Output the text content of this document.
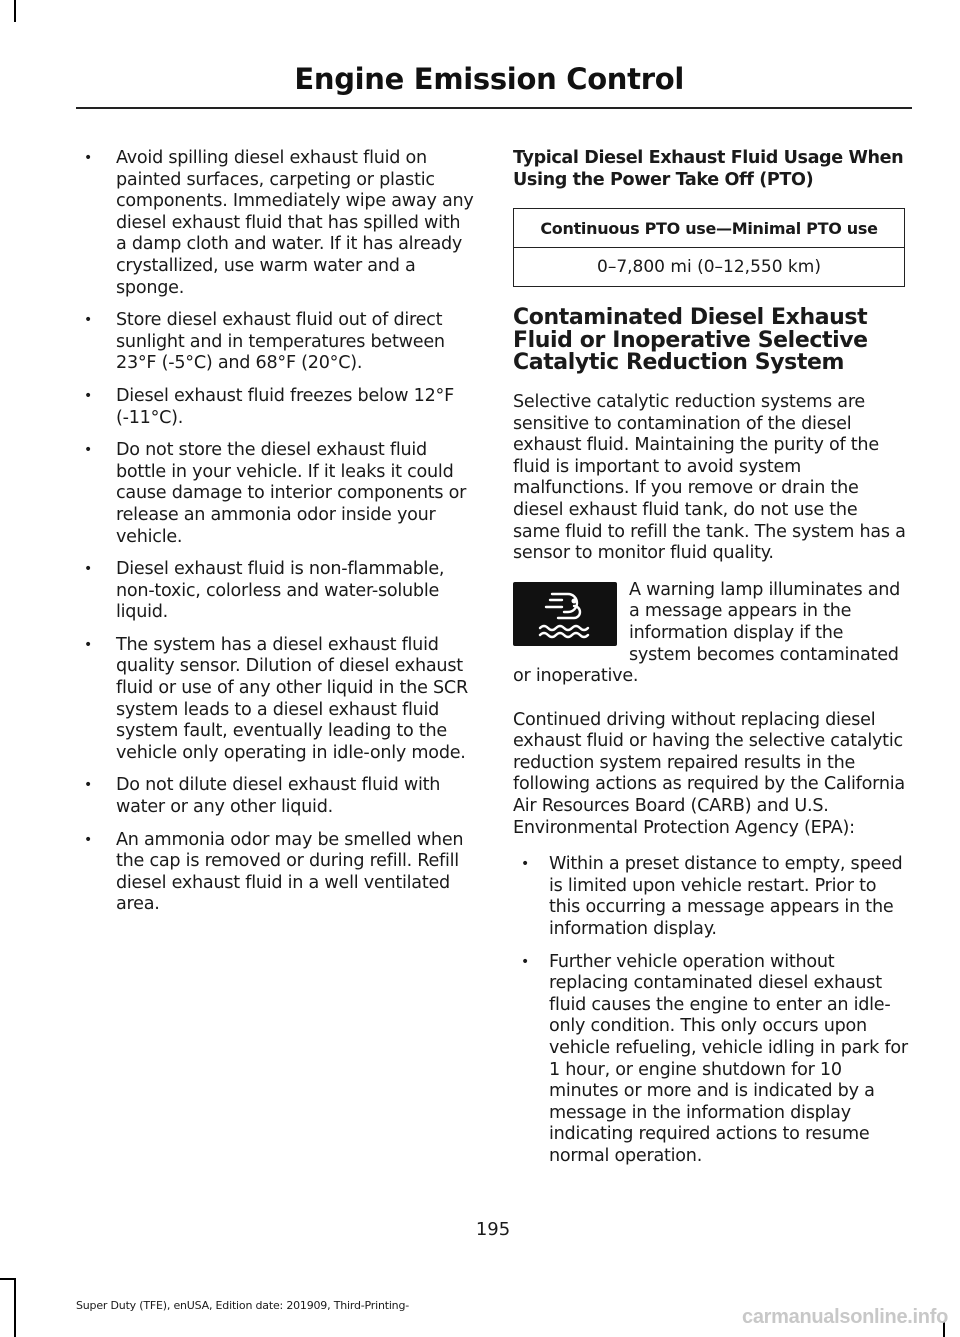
Engine Emission Control
• Avoid spilling diesel exhaust fluid on painted surfaces, carpeting or plastic components. Immediately wipe away any diesel exhaust fluid that has spilled with a damp cloth and water. If it has already crystallized, use warm water and a sponge.
• Store diesel exhaust fluid out of direct sunlight and in temperatures between 23°F (-5°C) and 68°F (20°C).
• Diesel exhaust fluid freezes below 12°F (-11°C).
• Do not store the diesel exhaust fluid bottle in your vehicle. If it leaks it could cause damage to interior components or release an ammonia odor inside your vehicle.
• Diesel exhaust fluid is non-flammable, non-toxic, colorless and water-soluble liquid.
• The system has a diesel exhaust fluid quality sensor. Dilution of diesel exhaust fluid or use of any other liquid in the SCR system leads to a diesel exhaust fluid system fault, eventually leading to the vehicle only operating in idle-only mode.
• Do not dilute diesel exhaust fluid with water or any other liquid.
• An ammonia odor may be smelled when the cap is removed or during refill. Refill diesel exhaust fluid in a well ventilated area.
Typical Diesel Exhaust Fluid Usage When Using the Power Take Off (PTO)
Continuous PTO use—Minimal PTO use
0–7,800 mi (0–12,550 km)
Contaminated Diesel Exhaust Fluid or Inoperative Selective Catalytic Reduction System

Selective catalytic reduction systems are sensitive to contamination of the diesel exhaust fluid. Maintaining the purity of the fluid is important to avoid system malfunctions. If you remove or drain the diesel exhaust fluid tank, do not use the same fluid to refill the tank. The system has a sensor to monitor fluid quality.

A warning lamp illuminates and a message appears in the information display if the system becomes contaminated or inoperative.

Continued driving without replacing diesel exhaust fluid or having the selective catalytic reduction system repaired results in the following actions as required by the California Air Resources Board (CARB) and U.S. Environmental Protection Agency (EPA):

• Within a preset distance to empty, speed is limited upon vehicle restart. Prior to this occurring a message appears in the information display.
• Further vehicle operation without replacing contaminated diesel exhaust fluid causes the engine to enter an idle-only condition. This only occurs upon vehicle refueling, vehicle idling in park for 1 hour, or engine shutdown for 10 minutes or more and is indicated by a message in the information display indicating required actions to resume normal operation.
195
Super Duty (TFE), enUSA, Edition date: 201909, Third-Printing-
carmanualsonline.info
